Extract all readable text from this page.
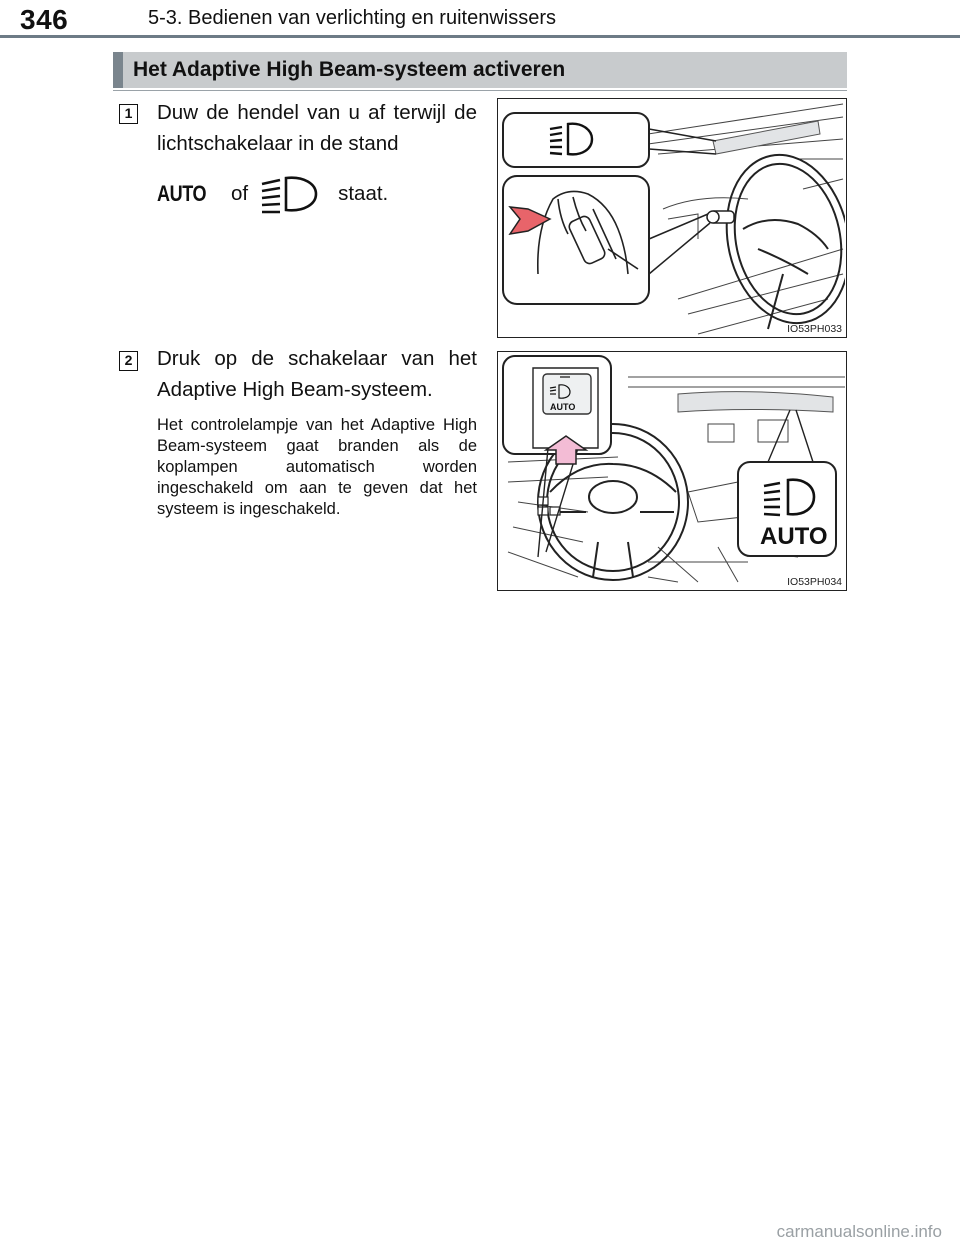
346	5-3. Bedienen van verlichting en ruitenwissers
Het Adaptive High Beam-systeem activeren
1 Duw de hendel van u af terwijl de lichtschakelaar in de stand
AUTO of	staat.
IO53PH033
2 Druk op de schakelaar van het Adaptive High Beam-systeem.
Het controlelampje van het Adaptive High Beam-systeem gaat branden als de koplampen automatisch worden ingeschakeld om aan te geven dat het systeem is ingeschakeld.
AUTO
AUTO
IO53PH034
carmanualsonline.info
